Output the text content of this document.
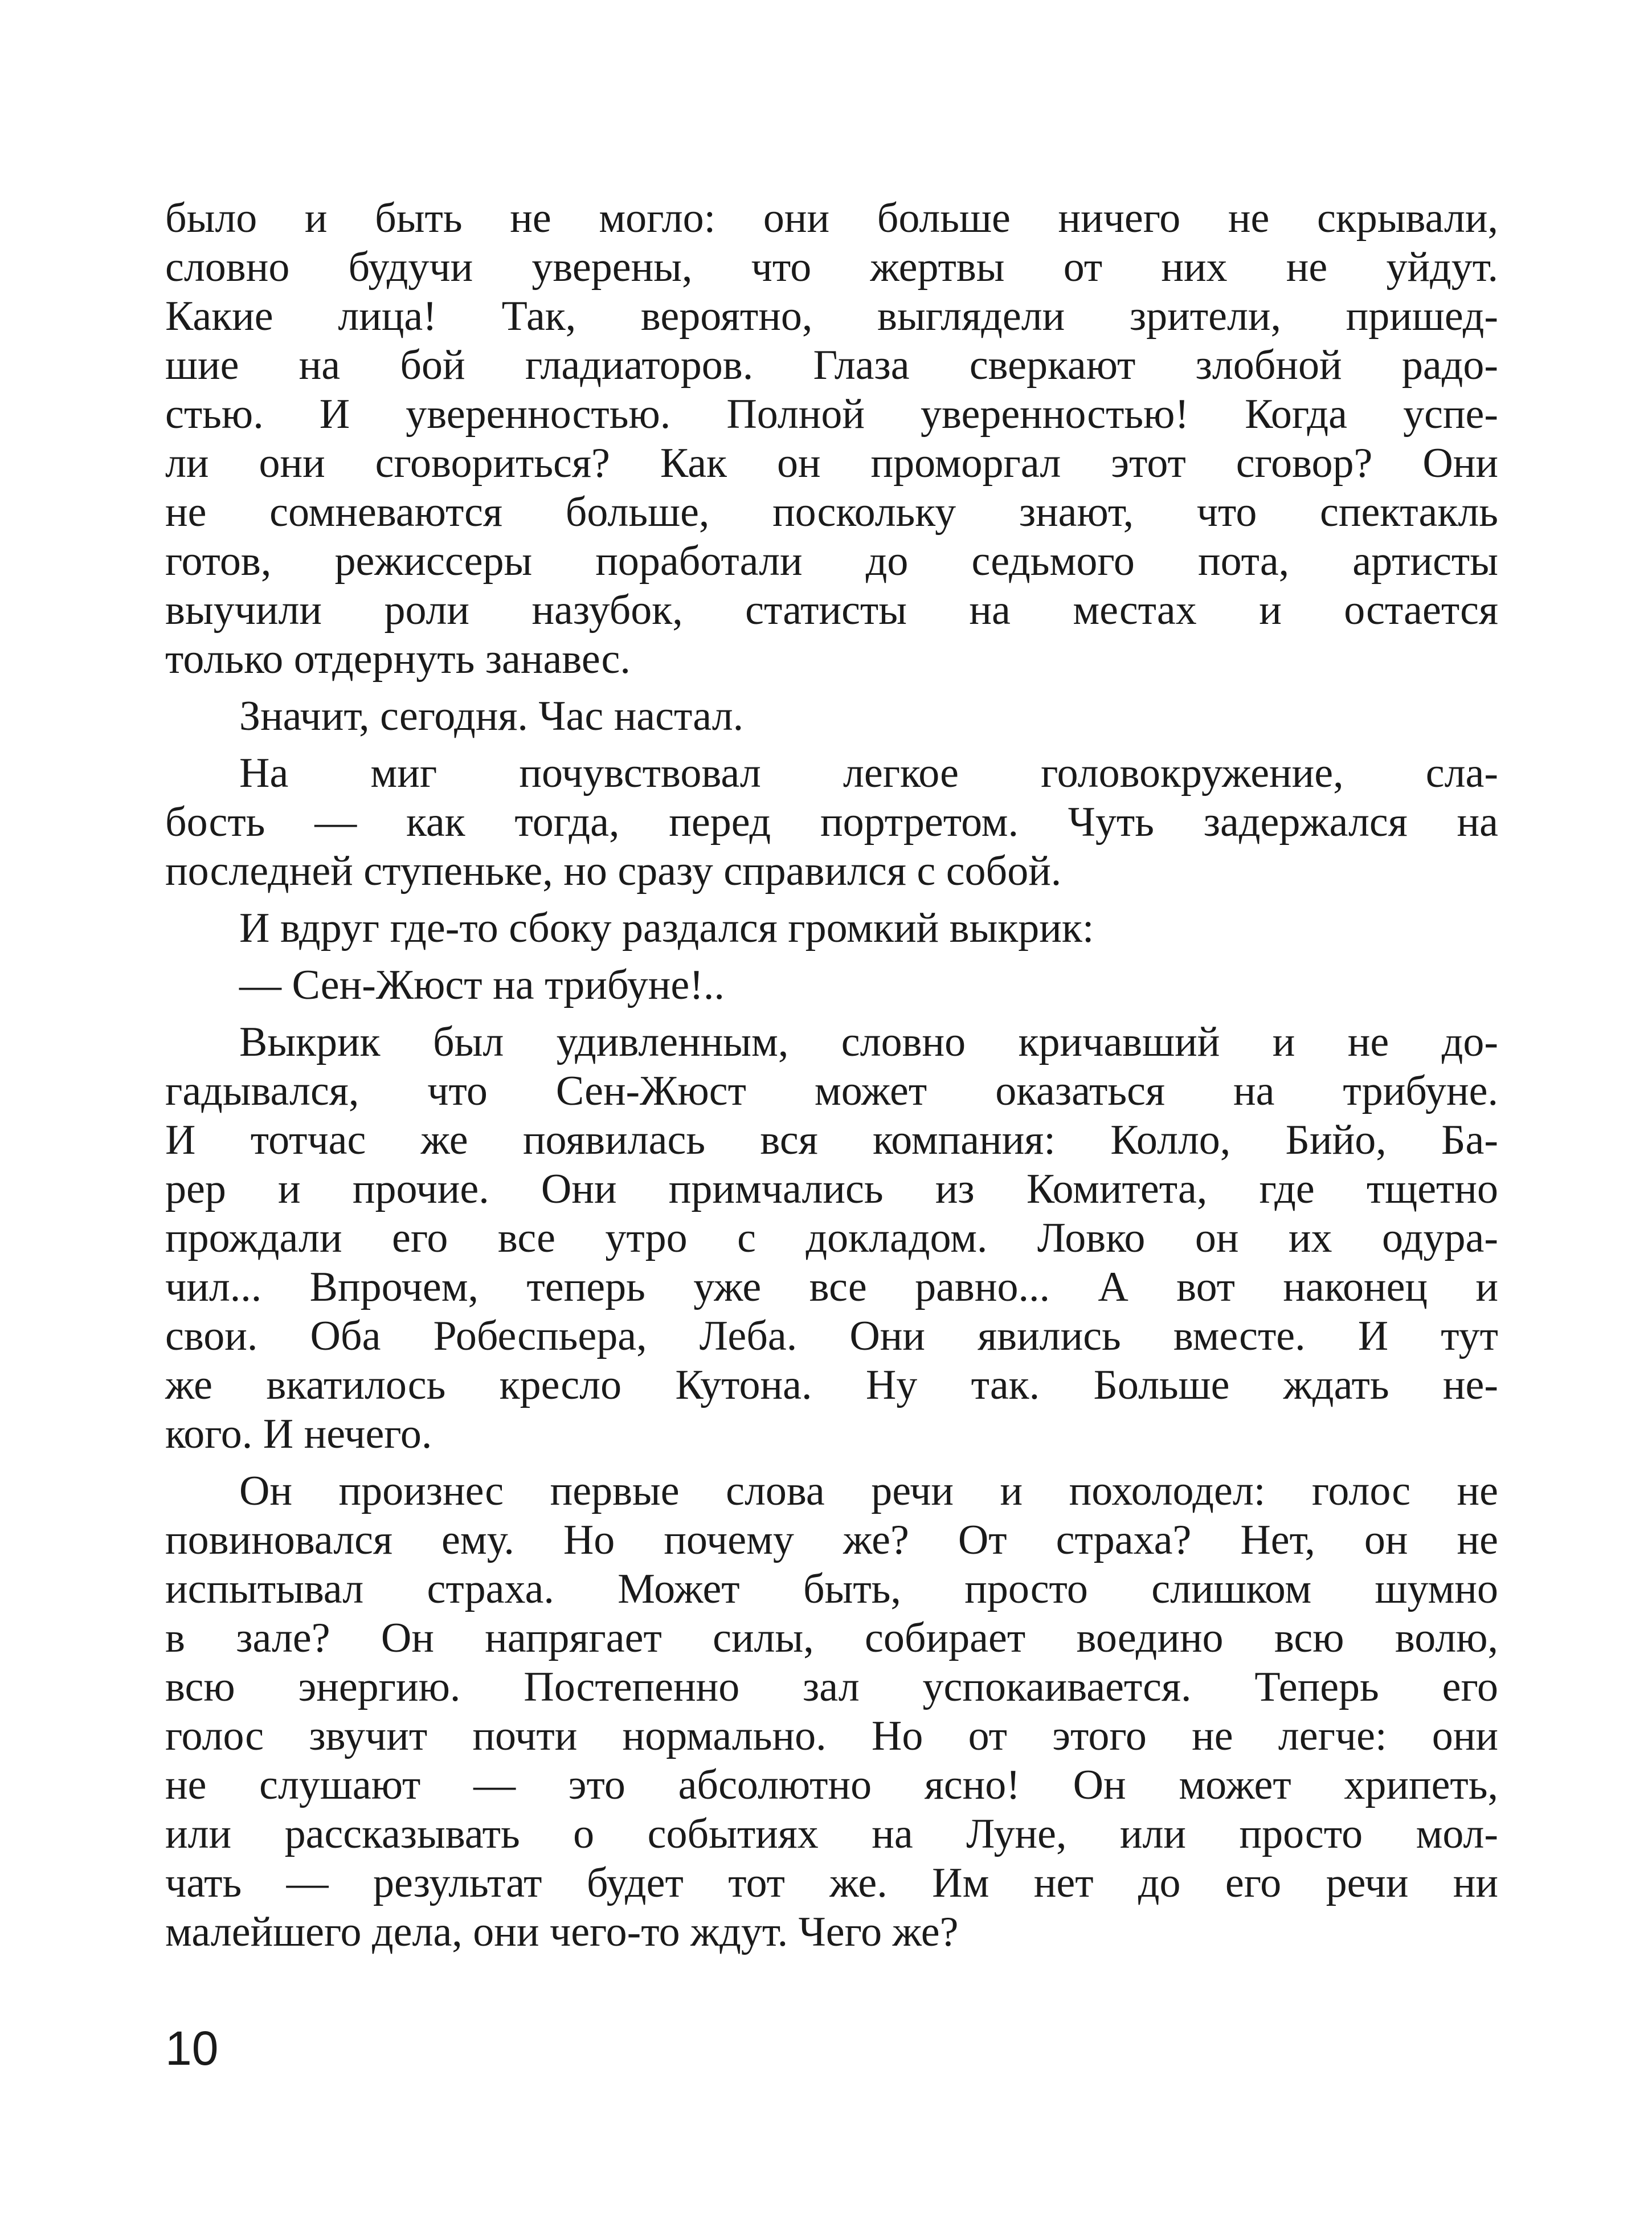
было и быть не могло: они больше ничего не скрывали,
словно будучи уверены, что жертвы от них не уйдут.
Какие лица! Так, вероятно, выглядели зрители, пришед-
шие на бой гладиаторов. Глаза сверкают злобной радо-
стью. И уверенностью. Полной уверенностью! Когда успе-
ли они сговориться? Как он проморгал этот сговор? Они
не сомневаются больше, поскольку знают, что спектакль
готов, режиссеры поработали до седьмого пота, артисты
выучили роли назубок, статисты на местах и остается
только отдернуть занавес.
Значит, сегодня. Час настал.
На миг почувствовал легкое головокружение, сла-
бость — как тогда, перед портретом. Чуть задержался на
последней ступеньке, но сразу справился с собой.
И вдруг где-то сбоку раздался громкий выкрик:
— Сен-Жюст на трибуне!..
Выкрик был удивленным, словно кричавший и не до-
гадывался, что Сен-Жюст может оказаться на трибуне.
И тотчас же появилась вся компания: Колло, Бийо, Ба-
рер и прочие. Они примчались из Комитета, где тщетно
прождали его все утро с докладом. Ловко он их одура-
чил... Впрочем, теперь уже все равно... А вот наконец и
свои. Оба Робеспьера, Леба. Они явились вместе. И тут
же вкатилось кресло Кутона. Ну так. Больше ждать не-
кого. И нечего.
Он произнес первые слова речи и похолодел: голос не
повиновался ему. Но почему же? От страха? Нет, он не
испытывал страха. Может быть, просто слишком шумно
в зале? Он напрягает силы, собирает воедино всю волю,
всю энергию. Постепенно зал успокаивается. Теперь его
голос звучит почти нормально. Но от этого не легче: они
не слушают — это абсолютно ясно! Он может хрипеть,
или рассказывать о событиях на Луне, или просто мол-
чать — результат будет тот же. Им нет до его речи ни
малейшего дела, они чего-то ждут. Чего же?
10
